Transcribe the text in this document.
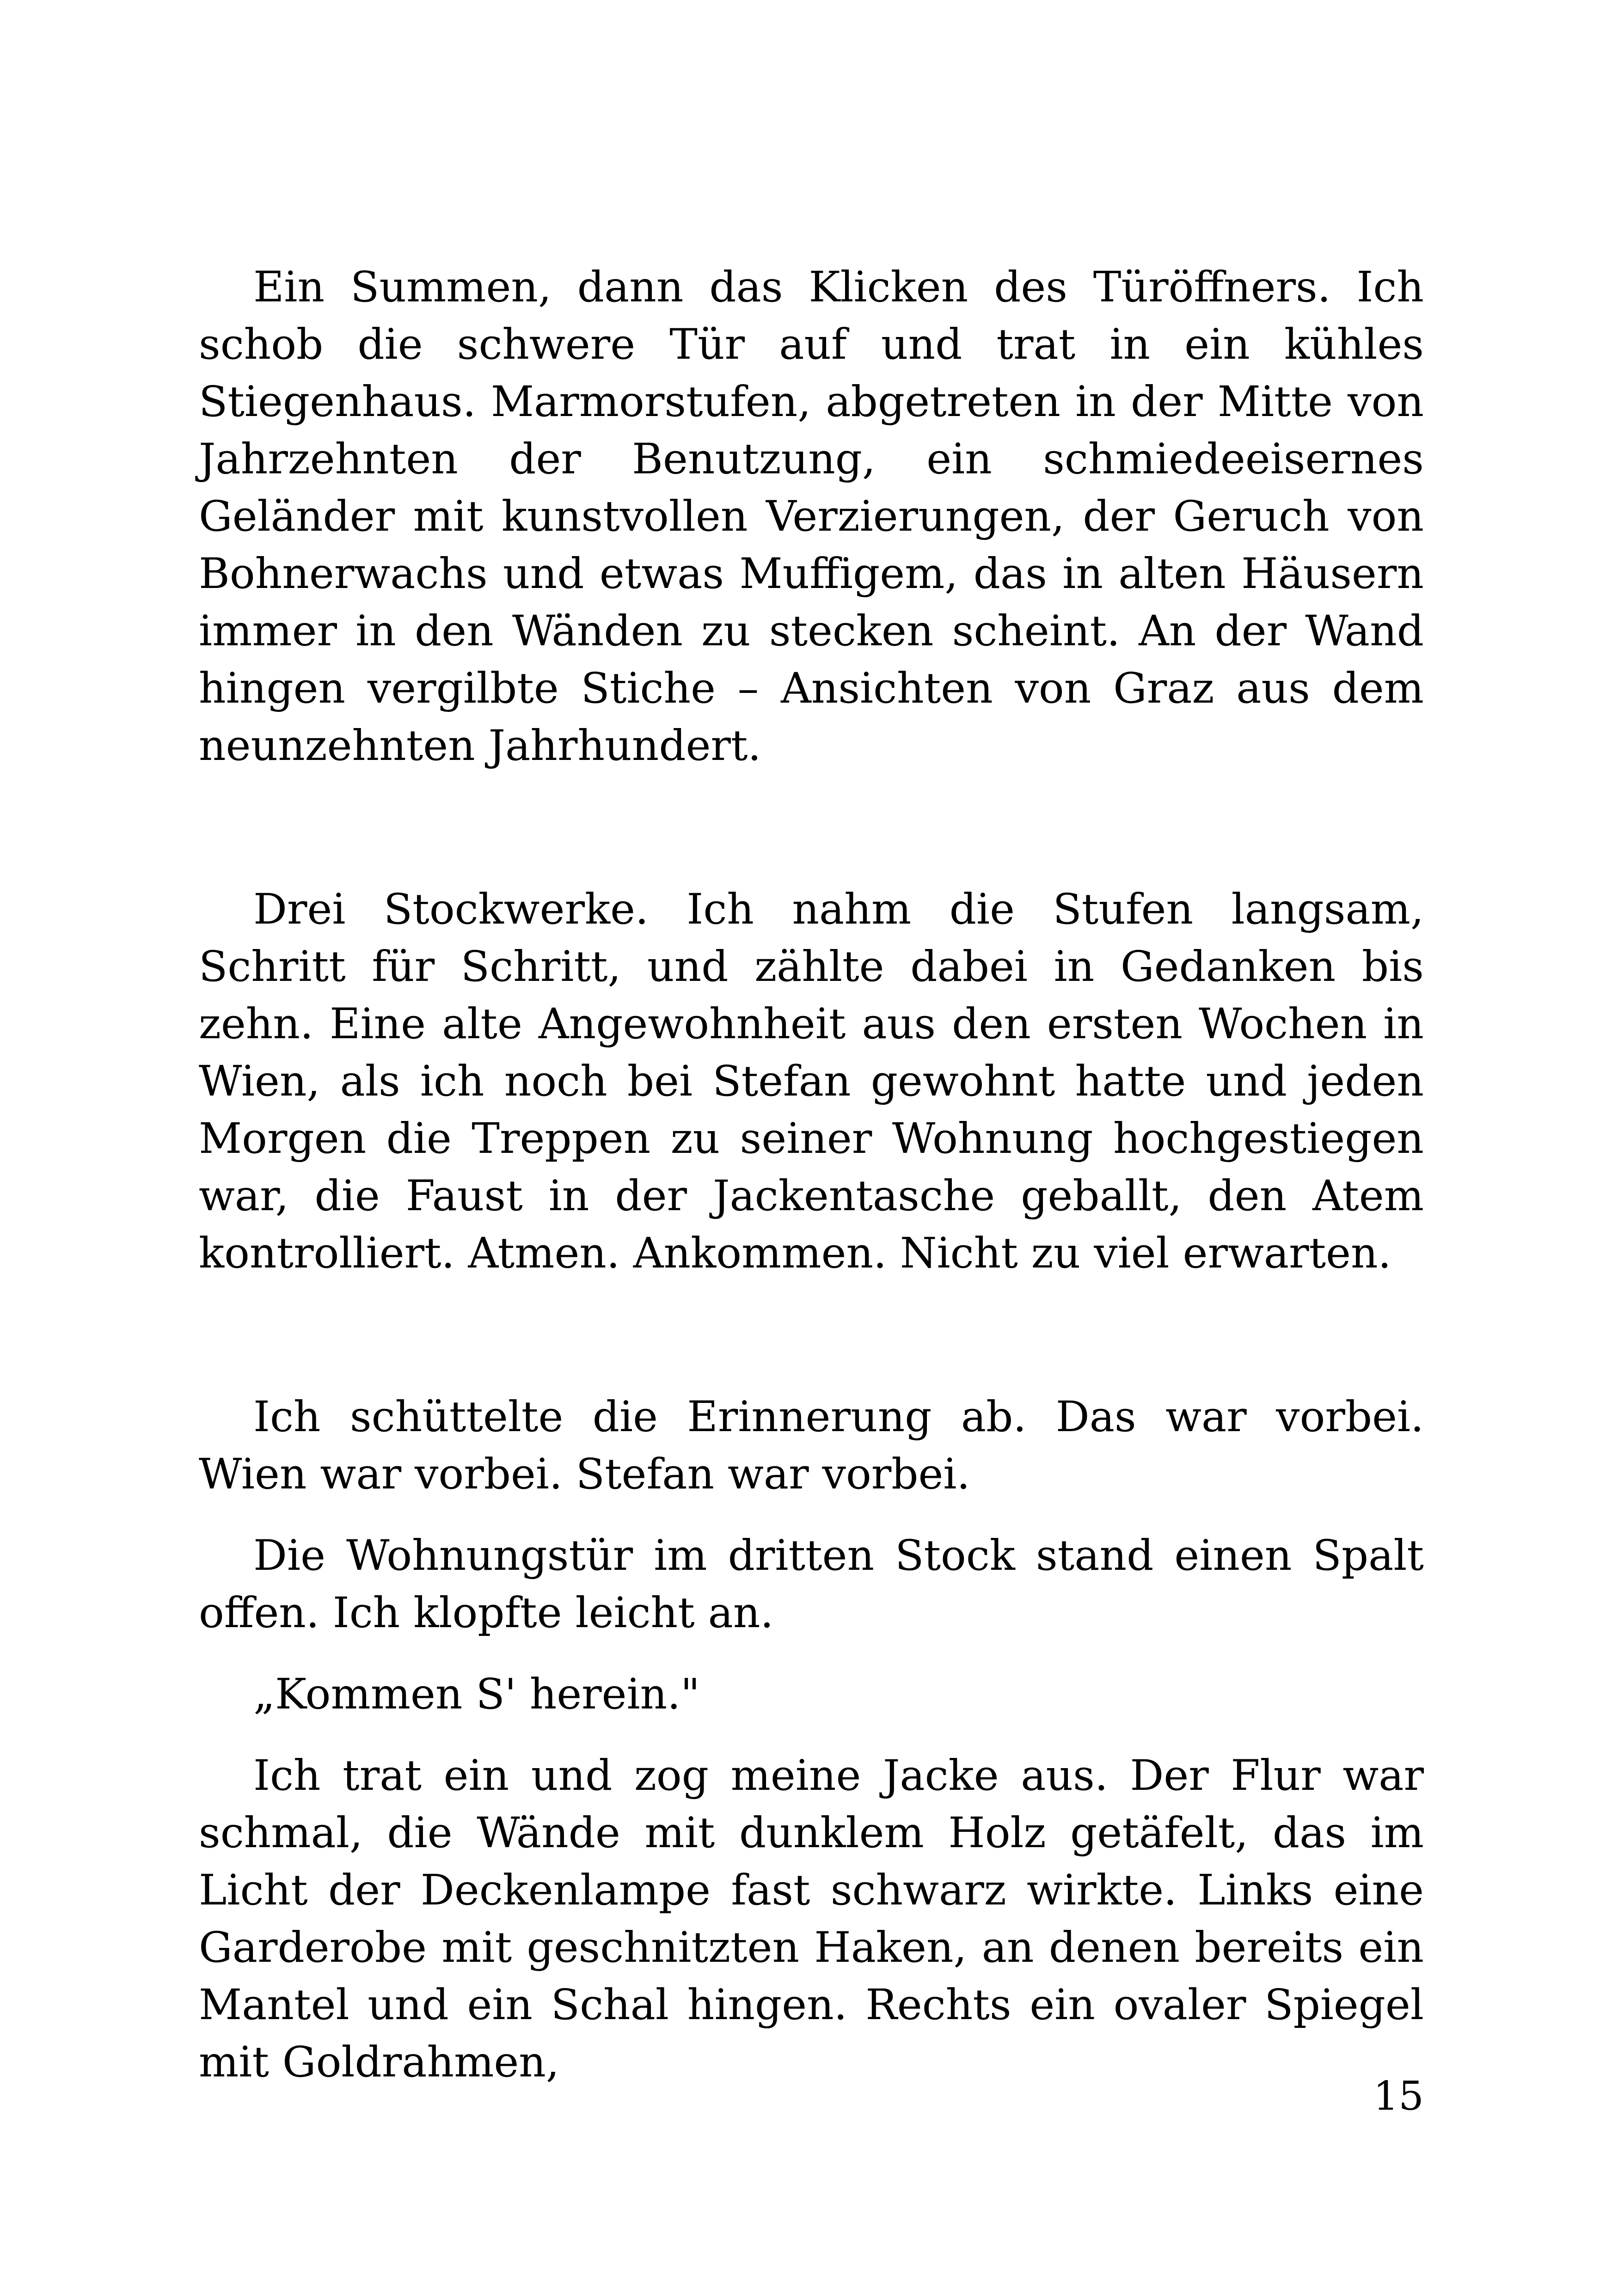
Ein Summen, dann das Klicken des Türöffners. Ich schob die schwere Tür auf und trat in ein kühles Stiegenhaus. Marmorstufen, abgetreten in der Mitte von Jahrzehnten der Benutzung, ein schmiedeeisernes Geländer mit kunstvollen Verzierungen, der Geruch von Bohnerwachs und etwas Muffigem, das in alten Häusern immer in den Wänden zu stecken scheint. An der Wand hingen vergilbte Stiche – Ansichten von Graz aus dem neunzehnten Jahrhundert.

Drei Stockwerke. Ich nahm die Stufen langsam, Schritt für Schritt, und zählte dabei in Gedanken bis zehn. Eine alte Angewohnheit aus den ersten Wochen in Wien, als ich noch bei Stefan gewohnt hatte und jeden Morgen die Treppen zu seiner Wohnung hochgestiegen war, die Faust in der Jackentasche geballt, den Atem kontrolliert. Atmen. Ankommen. Nicht zu viel erwarten.

Ich schüttelte die Erinnerung ab. Das war vorbei. Wien war vorbei. Stefan war vorbei.

Die Wohnungstür im dritten Stock stand einen Spalt offen. Ich klopfte leicht an.

„Kommen S' herein."

Ich trat ein und zog meine Jacke aus. Der Flur war schmal, die Wände mit dunklem Holz getäfelt, das im Licht der Deckenlampe fast schwarz wirkte. Links eine Garderobe mit geschnitzten Haken, an denen bereits ein Mantel und ein Schal hingen. Rechts ein ovaler Spiegel mit Goldrahmen,

15
